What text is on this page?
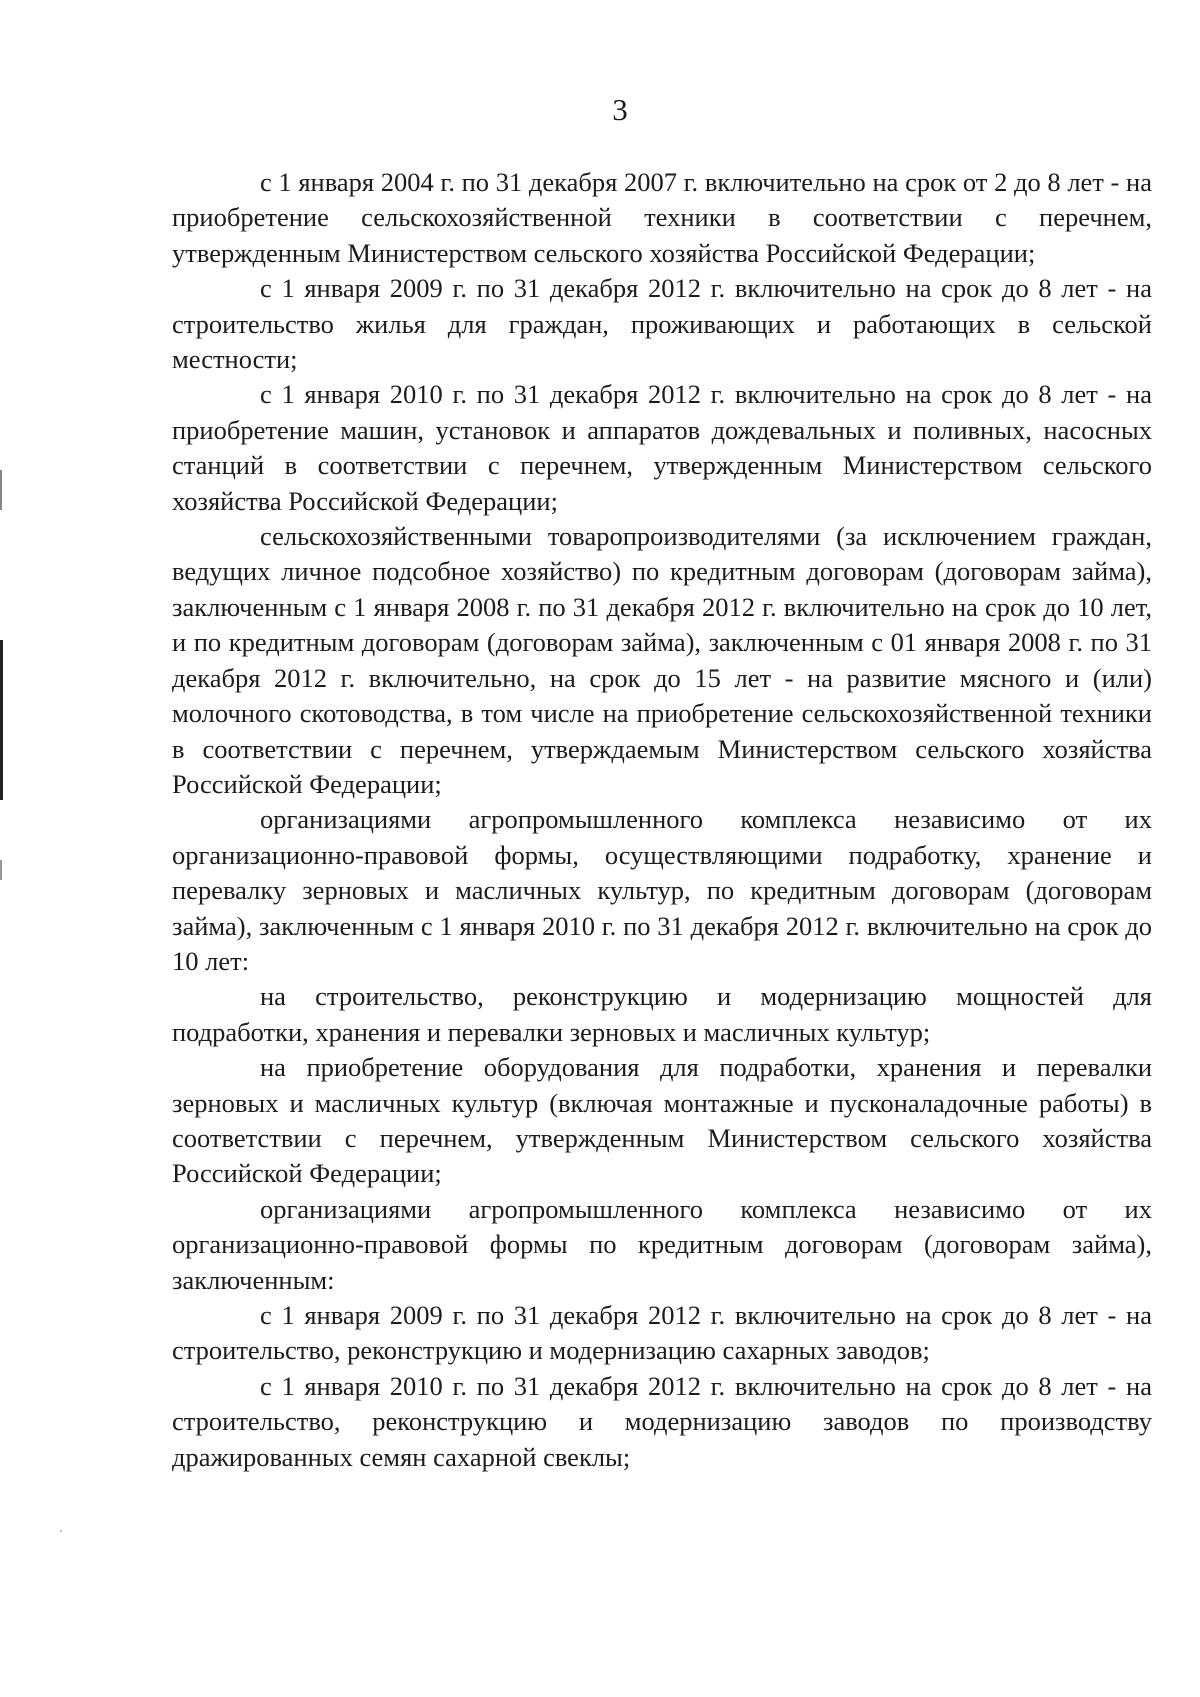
3

с 1 января 2004 г. по 31 декабря 2007 г. включительно на срок от 2 до 8 лет - на приобретение сельскохозяйственной техники в соответствии с перечнем, утвержденным Министерством сельского хозяйства Российской Федерации;

с 1 января 2009 г. по 31 декабря 2012 г. включительно на срок до 8 лет - на строительство жилья для граждан, проживающих и работающих в сельской местности;

с 1 января 2010 г. по 31 декабря 2012 г. включительно на срок до 8 лет - на приобретение машин, установок и аппаратов дождевальных и поливных, насосных станций в соответствии с перечнем, утвержденным Министерством сельского хозяйства Российской Федерации;

сельскохозяйственными товаропроизводителями (за исключением граждан, ведущих личное подсобное хозяйство) по кредитным договорам (договорам займа), заключенным с 1 января 2008 г. по 31 декабря 2012 г. включительно на срок до 10 лет, и по кредитным договорам (договорам займа), заключенным с 01 января 2008 г. по 31 декабря 2012 г. включительно, на срок до 15 лет - на развитие мясного и (или) молочного скотоводства, в том числе на приобретение сельскохозяйственной техники в соответствии с перечнем, утверждаемым Министерством сельского хозяйства Российской Федерации;

организациями агропромышленного комплекса независимо от их организационно-правовой формы, осуществляющими подработку, хранение и перевалку зерновых и масличных культур, по кредитным договорам (договорам займа), заключенным с 1 января 2010 г. по 31 декабря 2012 г. включительно на срок до 10 лет:

на строительство, реконструкцию и модернизацию мощностей для подработки, хранения и перевалки зерновых и масличных культур;

на приобретение оборудования для подработки, хранения и перевалки зерновых и масличных культур (включая монтажные и пусконаладочные работы) в соответствии с перечнем, утвержденным Министерством сельского хозяйства Российской Федерации;

организациями агропромышленного комплекса независимо от их организационно-правовой формы по кредитным договорам (договорам займа), заключенным:

с 1 января 2009 г. по 31 декабря 2012 г. включительно на срок до 8 лет - на строительство, реконструкцию и модернизацию сахарных заводов;

с 1 января 2010 г. по 31 декабря 2012 г. включительно на срок до 8 лет - на строительство, реконструкцию и модернизацию заводов по производству дражированных семян сахарной свеклы;
